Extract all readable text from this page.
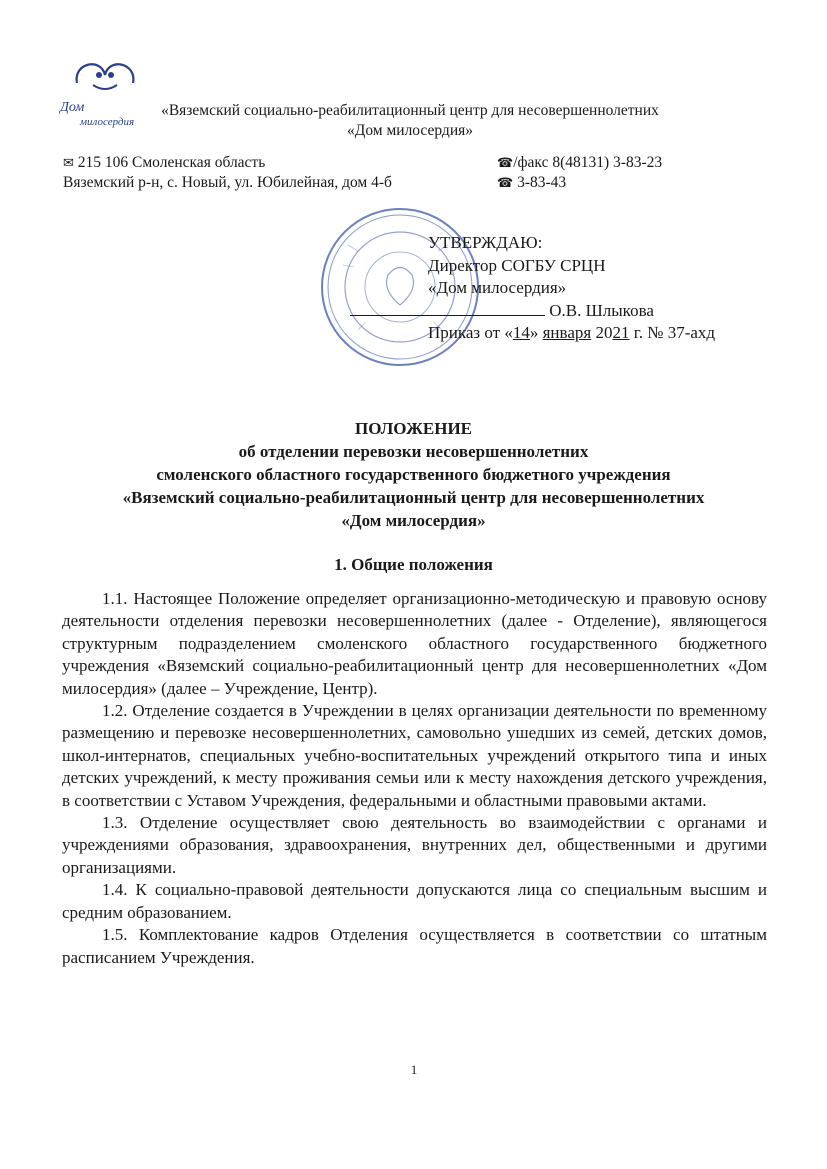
Дом
милосердия
«Вяземский социально-реабилитационный центр для несовершеннолетних
«Дом милосердия»
✉ 215 106 Смоленская область
Вяземский р-н, с. Новый, ул. Юбилейная, дом 4-б
☎/факс 8(48131) 3-83-23
☎ 3-83-43
УТВЕРЖДАЮ:
Директор СОГБУ СРЦН
«Дом милосердия»
О.В. Шлыкова
Приказ от «14» января 2021 г. № 37-ахд
ПОЛОЖЕНИЕ
об отделении перевозки несовершеннолетних
смоленского областного государственного бюджетного учреждения
«Вяземский социально-реабилитационный центр для несовершеннолетних
«Дом милосердия»
1. Общие положения

1.1. Настоящее Положение определяет организационно-методическую и правовую основу деятельности отделения перевозки несовершеннолетних (далее - Отделение), являющегося структурным подразделением смоленского областного государственного бюджетного учреждения «Вяземский социально-реабилитационный центр для несовершеннолетних «Дом милосердия» (далее – Учреждение, Центр).

1.2. Отделение создается в Учреждении в целях организации деятельности по временному размещению и перевозке несовершеннолетних, самовольно ушедших из семей, детских домов, школ-интернатов, специальных учебно-воспитательных учреждений открытого типа и иных детских учреждений, к месту проживания семьи или к месту нахождения детского учреждения, в соответствии с Уставом Учреждения, федеральными и областными правовыми актами.

1.3. Отделение осуществляет свою деятельность во взаимодействии с органами и учреждениями образования, здравоохранения, внутренних дел, общественными и другими организациями.

1.4. К социально-правовой деятельности допускаются лица со специальным высшим и средним образованием.

1.5. Комплектование кадров Отделения осуществляется в соответствии со штатным расписанием Учреждения.

1
